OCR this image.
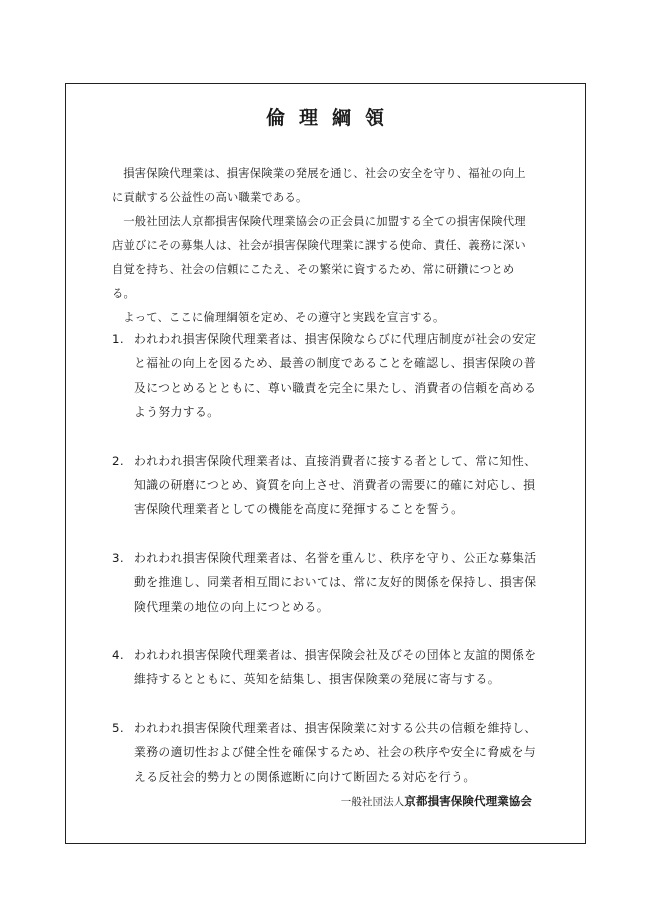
倫理綱領

損害保険代理業は、損害保険業の発展を通じ、社会の安全を守り、福祉の向上に貢献する公益性の高い職業である。

一般社団法人京都損害保険代理業協会の正会員に加盟する全ての損害保険代理店並びにその募集人は、社会が損害保険代理業に課する使命、責任、義務に深い自覚を持ち、社会の信頼にこたえ、その繁栄に資するため、常に研鑽につとめる。

よって、ここに倫理綱領を定め、その遵守と実践を宣言する。

1. われわれ損害保険代理業者は、損害保険ならびに代理店制度が社会の安定と福祉の向上を図るため、最善の制度であることを確認し、損害保険の普及につとめるとともに、尊い職責を完全に果たし、消費者の信頼を高めるよう努力する。
2. われわれ損害保険代理業者は、直接消費者に接する者として、常に知性、知識の研磨につとめ、資質を向上させ、消費者の需要に的確に対応し、損害保険代理業者としての機能を高度に発揮することを誓う。
3. われわれ損害保険代理業者は、名誉を重んじ、秩序を守り、公正な募集活動を推進し、同業者相互間においては、常に友好的関係を保持し、損害保険代理業の地位の向上につとめる。
4. われわれ損害保険代理業者は、損害保険会社及びその団体と友誼的関係を維持するとともに、英知を結集し、損害保険業の発展に寄与する。
5. われわれ損害保険代理業者は、損害保険業に対する公共の信頼を維持し、業務の適切性および健全性を確保するため、社会の秩序や安全に脅威を与える反社会的勢力との関係遮断に向けて断固たる対応を行う。
一般社団法人京都損害保険代理業協会
